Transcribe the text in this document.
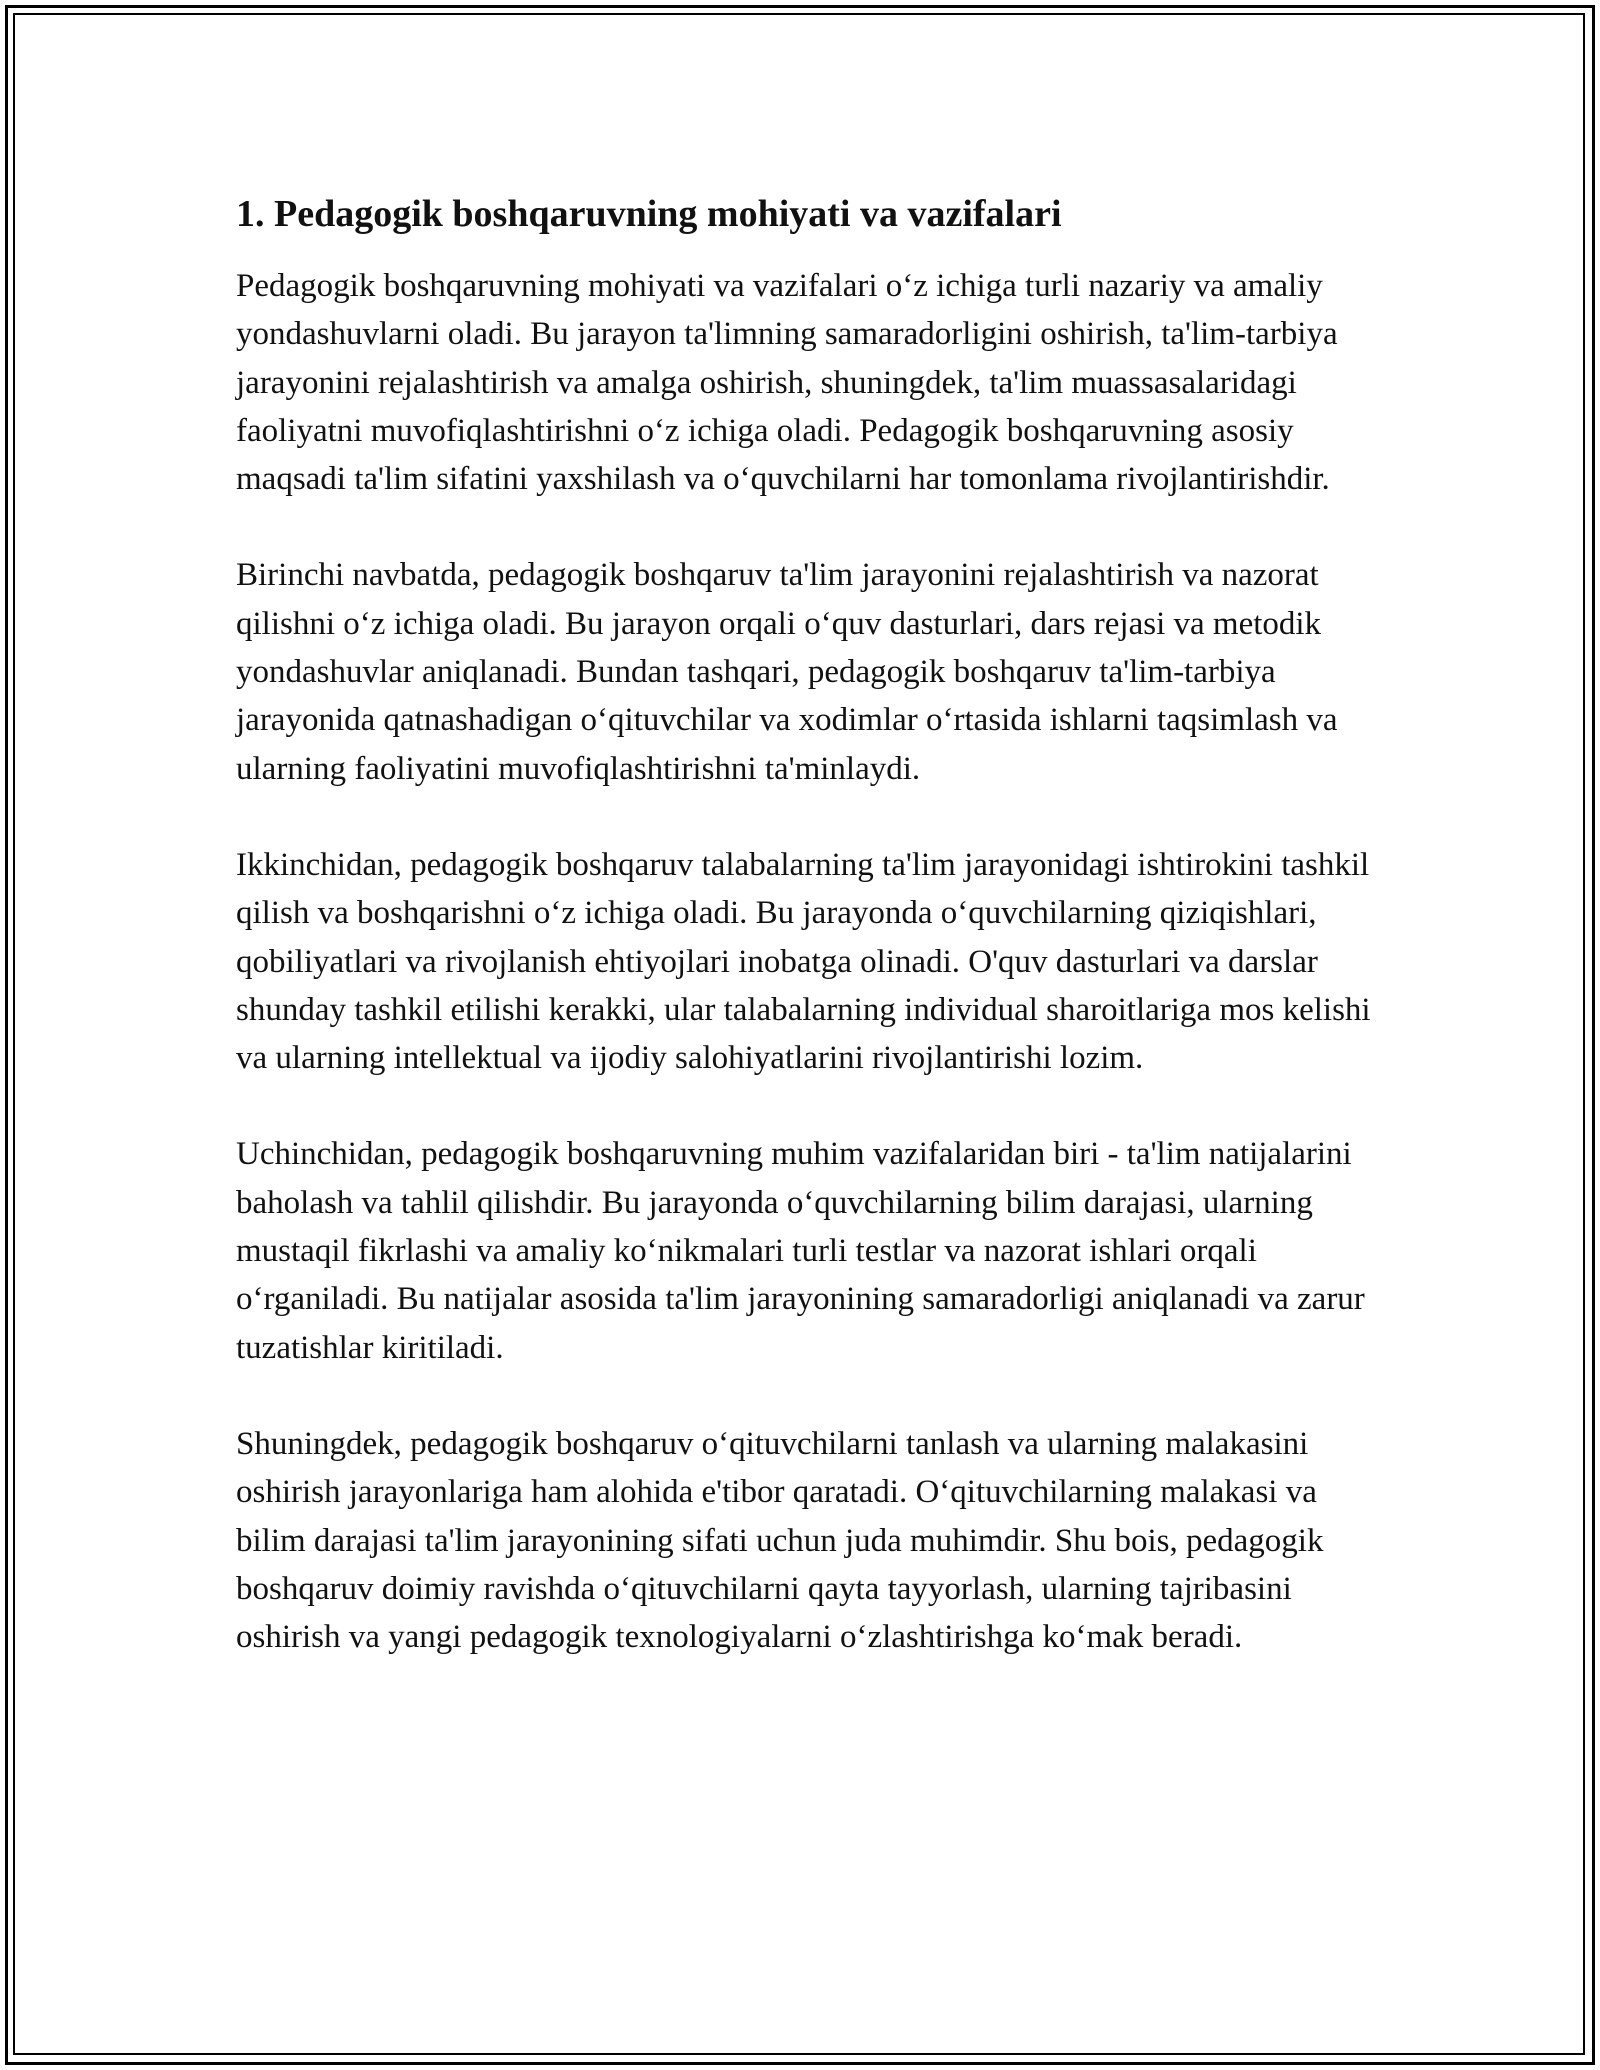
1. Pedagogik boshqaruvning mohiyati va vazifalari

Pedagogik boshqaruvning mohiyati va vazifalari o‘z ichiga turli nazariy va amaliy yondashuvlarni oladi. Bu jarayon ta'limning samaradorligini oshirish, ta'lim-tarbiya jarayonini rejalashtirish va amalga oshirish, shuningdek, ta'lim muassasalaridagi faoliyatni muvofiqlashtirishni o‘z ichiga oladi. Pedagogik boshqaruvning asosiy maqsadi ta'lim sifatini yaxshilash va o‘quvchilarni har tomonlama rivojlantirishdir.

Birinchi navbatda, pedagogik boshqaruv ta'lim jarayonini rejalashtirish va nazorat qilishni o‘z ichiga oladi. Bu jarayon orqali o‘quv dasturlari, dars rejasi va metodik yondashuvlar aniqlanadi. Bundan tashqari, pedagogik boshqaruv ta'lim-tarbiya jarayonida qatnashadigan o‘qituvchilar va xodimlar o‘rtasida ishlarni taqsimlash va ularning faoliyatini muvofiqlashtirishni ta'minlaydi.

Ikkinchidan, pedagogik boshqaruv talabalarning ta'lim jarayonidagi ishtirokini tashkil qilish va boshqarishni o‘z ichiga oladi. Bu jarayonda o‘quvchilarning qiziqishlari, qobiliyatlari va rivojlanish ehtiyojlari inobatga olinadi. O'quv dasturlari va darslar shunday tashkil etilishi kerakki, ular talabalarning individual sharoitlariga mos kelishi va ularning intellektual va ijodiy salohiyatlarini rivojlantirishi lozim.

Uchinchidan, pedagogik boshqaruvning muhim vazifalaridan biri - ta'lim natijalarini baholash va tahlil qilishdir. Bu jarayonda o‘quvchilarning bilim darajasi, ularning mustaqil fikrlashi va amaliy ko‘nikmalari turli testlar va nazorat ishlari orqali o‘rganiladi. Bu natijalar asosida ta'lim jarayonining samaradorligi aniqlanadi va zarur tuzatishlar kiritiladi.

Shuningdek, pedagogik boshqaruv o‘qituvchilarni tanlash va ularning malakasini oshirish jarayonlariga ham alohida e'tibor qaratadi. O‘qituvchilarning malakasi va bilim darajasi ta'lim jarayonining sifati uchun juda muhimdir. Shu bois, pedagogik boshqaruv doimiy ravishda o‘qituvchilarni qayta tayyorlash, ularning tajribasini oshirish va yangi pedagogik texnologiyalarni o‘zlashtirishga ko‘mak beradi.
